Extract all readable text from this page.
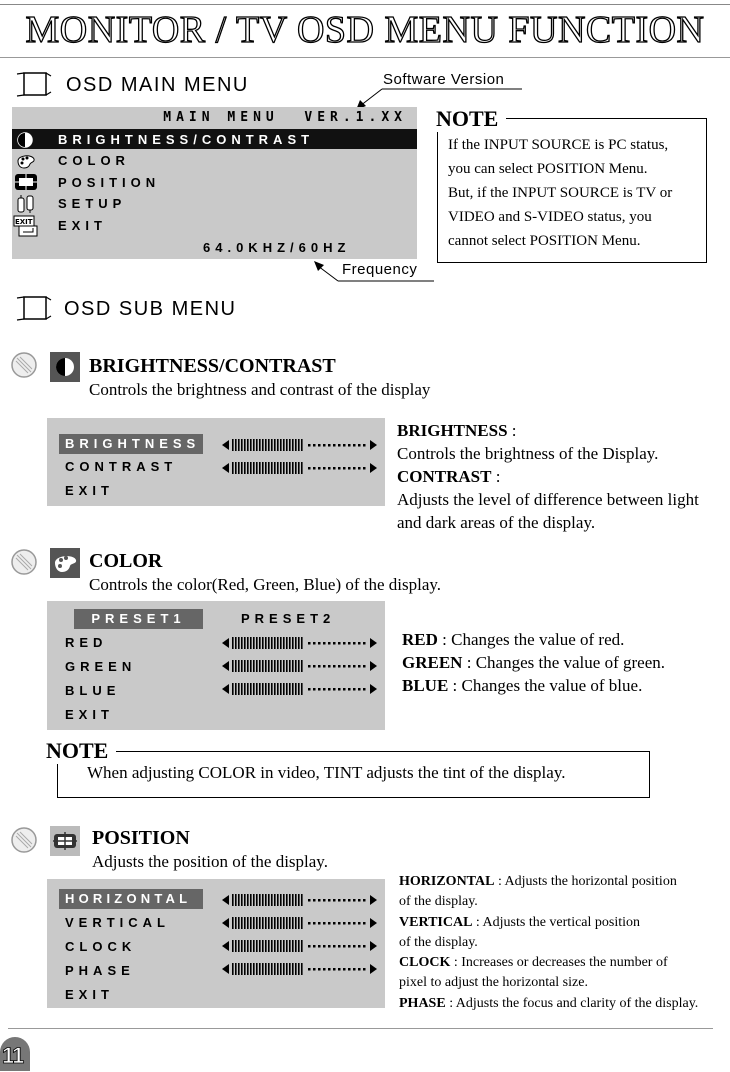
MONITOR / TV OSD MENU FUNCTION
OSD MAIN MENU	Software Version
MAIN MENU  VER.1.XX
EXIT
BRIGHTNESS/CONTRAST
COLOR
POSITION
SETUP
EXIT
64.0KHZ/60HZ
Frequency
NOTE
If the INPUT SOURCE is PC status,
you can select POSITION Menu.
But, if the INPUT SOURCE is TV or
VIDEO and S-VIDEO status, you
cannot select POSITION Menu.
OSD SUB MENU
BRIGHTNESS/CONTRAST
Controls the brightness and contrast of the display
BRIGHTNESS
CONTRAST
EXIT
BRIGHTNESS :
Controls the brightness of the Display.
CONTRAST :
Adjusts the level of difference between light
and dark areas of the display.
COLOR
Controls the color(Red, Green, Blue) of the display.
PRESET1	PRESET2
RED
GREEN
BLUE
EXIT
RED : Changes the value of red.
GREEN : Changes the value of green.
BLUE : Changes the value of blue.
NOTE
When adjusting COLOR in video, TINT adjusts the tint of the display.
POSITION
Adjusts the position of the display.
HORIZONTAL
VERTICAL
CLOCK
PHASE
EXIT
HORIZONTAL : Adjusts the horizontal position
of the display.
VERTICAL : Adjusts the vertical position
of the display.
CLOCK : Increases or decreases the number of
pixel to adjust the horizontal size.
PHASE : Adjusts the focus and clarity of the display.
11
